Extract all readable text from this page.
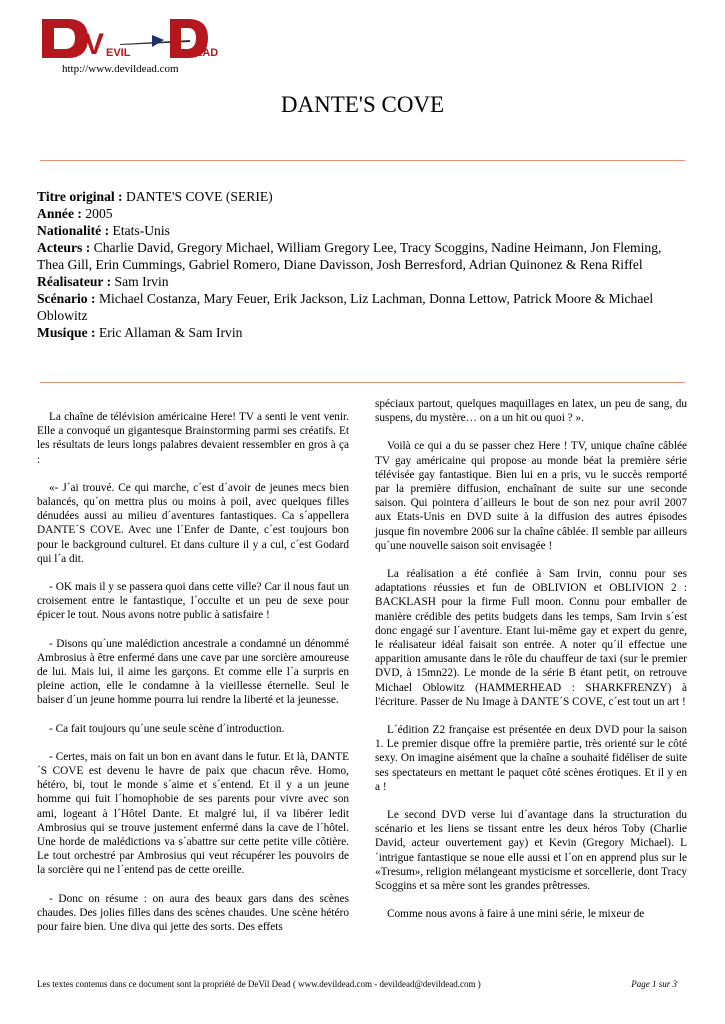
V EVIL	EAD
http://www.devildead.com
DANTE'S COVE
Titre original : DANTE'S COVE (SERIE)
Année : 2005
Nationalité : Etats-Unis
Acteurs : Charlie David, Gregory Michael, William Gregory Lee, Tracy Scoggins, Nadine Heimann, Jon Fleming, Thea Gill, Erin Cummings, Gabriel Romero, Diane Davisson, Josh Berresford, Adrian Quinonez & Rena Riffel
Réalisateur : Sam Irvin
Scénario : Michael Costanza, Mary Feuer, Erik Jackson, Liz Lachman, Donna Lettow, Patrick Moore & Michael Oblowitz
Musique : Eric Allaman & Sam Irvin

La chaîne de télévision américaine Here! TV a senti le vent venir. Elle a convoqué un gigantesque Brainstorming parmi ses créatifs. Et les résultats de leurs longs palabres devaient ressembler en gros à ça :

«- J´ai trouvé. Ce qui marche, c´est d´avoir de jeunes mecs bien balancés, qu´on mettra plus ou moins à poil, avec quelques filles dénudées aussi au milieu d´aventures fantastiques. Ca s´appellera DANTE´S COVE. Avec une l´Enfer de Dante, c´est toujours bon pour le background culturel. Et dans culture il y a cul, c´est Godard qui l´a dit.

- OK mais il y se passera quoi dans cette ville? Car il nous faut un croisement entre le fantastique, l´occulte et un peu de sexe pour épicer le tout. Nous avons notre public à satisfaire !

- Disons qu´une malédiction ancestrale a condamné un dénommé Ambrosius à être enfermé dans une cave par une sorcière amoureuse de lui. Mais lui, il aime les garçons. Et comme elle l´a surpris en pleine action, elle le condamne à la vieillesse éternelle. Seul le baiser d´un jeune homme pourra lui rendre la liberté et la jeunesse.

- Ca fait toujours qu´une seule scène d´introduction.

- Certes, mais on fait un bon en avant dans le futur. Et là, DANTE´S COVE est devenu le havre de paix que chacun rêve. Homo, hétéro, bi, tout le monde s´aime et s´entend. Et il y a un jeune homme qui fuit l´homophobie de ses parents pour vivre avec son ami, logeant à l´Hôtel Dante. Et malgré lui, il va libérer ledit Ambrosius qui se trouve justement enfermé dans la cave de l´hôtel. Une horde de malédictions va s´abattre sur cette petite ville côtière. Le tout orchestré par Ambrosius qui veut récupérer les pouvoirs de la sorcière qui ne l´entend pas de cette oreille.

- Donc on résume : on aura des beaux gars dans des scènes chaudes. Des jolies filles dans des scènes chaudes. Une scène hétéro pour faire bien. Une diva qui jette des sorts. Des effets

spéciaux partout, quelques maquillages en latex, un peu de sang, du suspens, du mystère… on a un hit ou quoi ? ».

Voilà ce qui a du se passer chez Here ! TV, unique chaîne câblée TV gay américaine qui propose au monde béat la première série télévisée gay fantastique. Bien lui en a pris, vu le succès remporté par la première diffusion, enchaînant de suite sur une seconde saison. Qui pointera d´ailleurs le bout de son nez pour avril 2007 aux Etats-Unis en DVD suite à la diffusion des autres épisodes jusque fin novembre 2006 sur la chaîne câblée. Il semble par ailleurs qu´une nouvelle saison soit envisagée !

La réalisation a été confiée à Sam Irvin, connu pour ses adaptations réussies et fun de OBLIVION et OBLIVION 2 : BACKLASH pour la firme Full moon. Connu pour emballer de manière crédible des petits budgets dans les temps, Sam Irvin s´est donc engagé sur l´aventure. Etant lui-même gay et expert du genre, le réalisateur idéal faisait son entrée. A noter qu´il effectue une apparition amusante dans le rôle du chauffeur de taxi (sur le premier DVD, à 15mn22). Le monde de la série B étant petit, on retrouve Michael Oblowitz (HAMMERHEAD : SHARKFRENZY) à l'écriture. Passer de Nu Image à DANTE´S COVE, c´est tout un art !

L´édition Z2 française est présentée en deux DVD pour la saison 1. Le premier disque offre la première partie, très orienté sur le côté sexy. On imagine aisément que la chaîne a souhaité fidéliser de suite ses spectateurs en mettant le paquet côté scènes érotiques. Et il y en a !

Le second DVD verse lui d´avantage dans la structuration du scénario et les liens se tissant entre les deux héros Toby (Charlie David, acteur ouvertement gay) et Kevin (Gregory Michael). L´intrigue fantastique se noue elle aussi et l´on en apprend plus sur le «Tresum», religion mélangeant mysticisme et sorcellerie, dont Tracy Scoggins et sa mère sont les grandes prêtresses.

Comme nous avons à faire à une mini série, le mixeur de

Les textes contenus dans ce document sont la propriété de DeVil Dead ( www.devildead.com - devildead@devildead.com )	Page 1 sur 3
